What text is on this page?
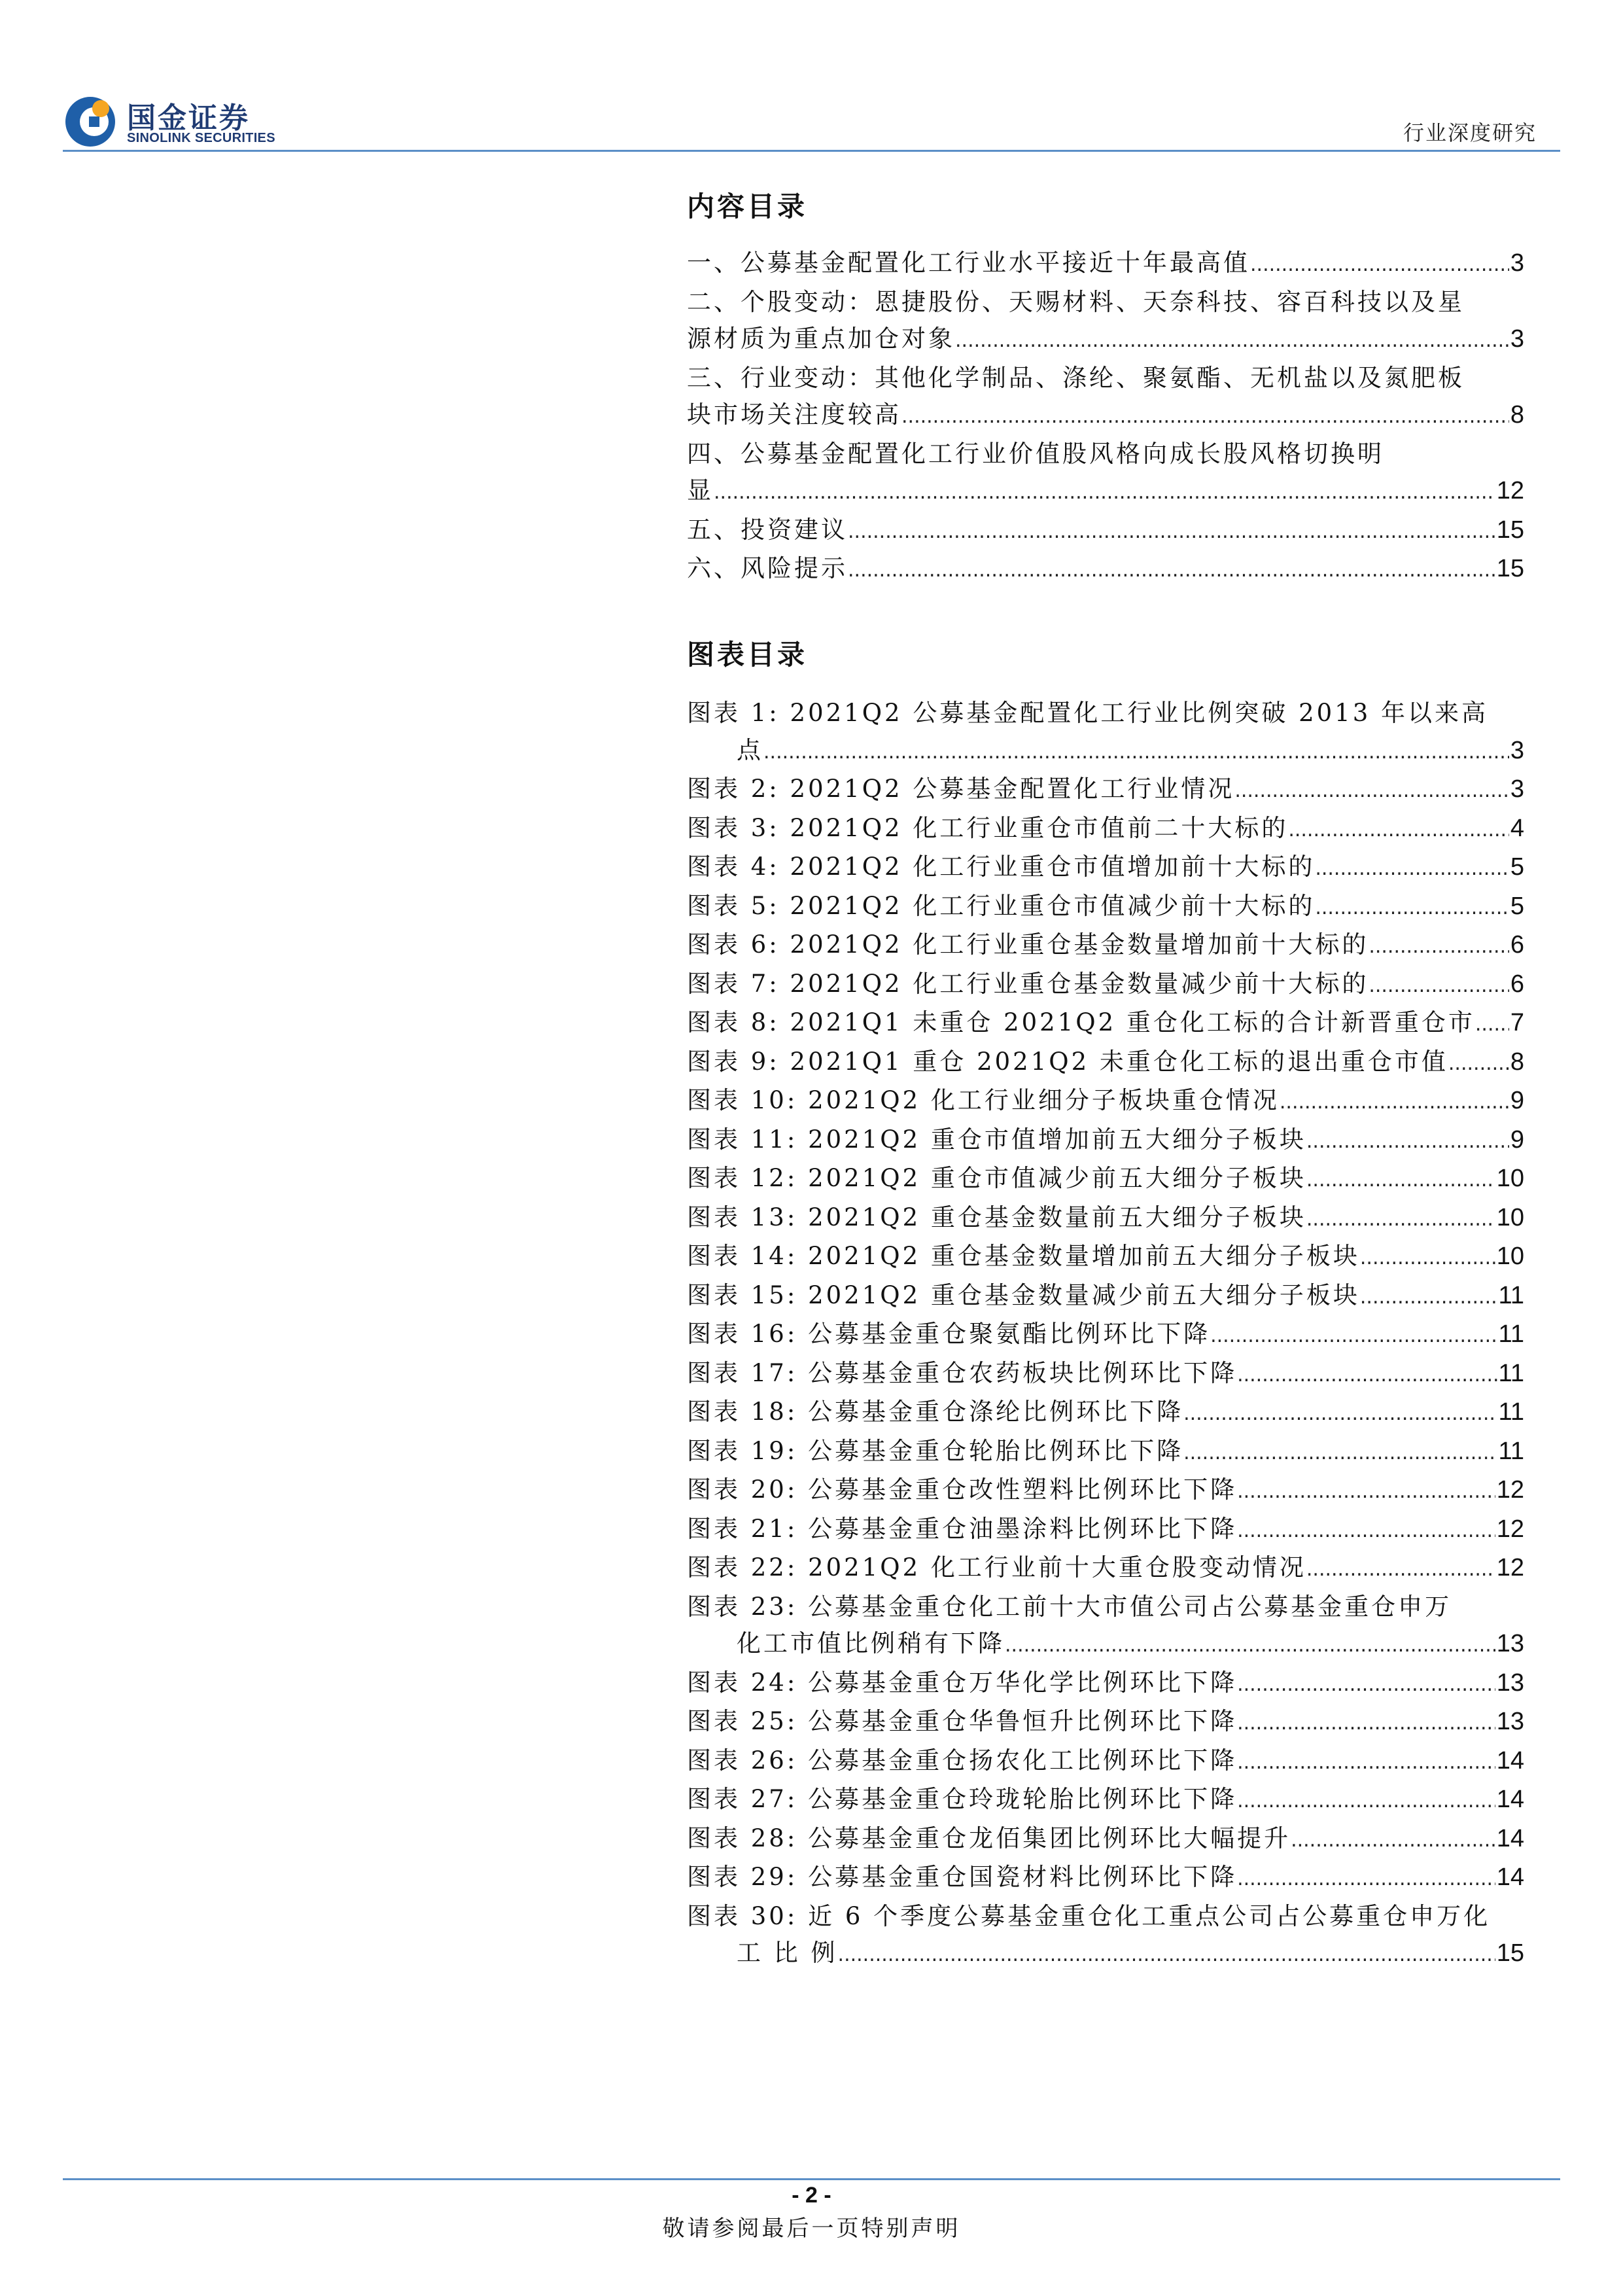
国金证券
SINOLINK SECURITIES	行业深度研究
内容目录
一、公募基金配置化工行业水平接近十年最高值 .....	3
二、个股变动：恩捷股份、天赐材料、天奈科技、容百科技以及星
源材质为重点加仓对象 .....	3
三、行业变动：其他化学制品、涤纶、聚氨酯、无机盐以及氮肥板
块市场关注度较高 .....	8
四、公募基金配置化工行业价值股风格向成长股风格切换明
显 .....	12
五、投资建议 .....	15
六、风险提示 .....	15
图表目录
图表 1: 2021Q2 公募基金配置化工行业比例突破 2013 年以来高
点 .....	3
图表 2: 2021Q2 公募基金配置化工行业情况 .....	3
图表 3: 2021Q2 化工行业重仓市值前二十大标的 .....	4
图表 4: 2021Q2 化工行业重仓市值增加前十大标的 .....	5
图表 5: 2021Q2 化工行业重仓市值减少前十大标的 .....	5
图表 6: 2021Q2 化工行业重仓基金数量增加前十大标的 .....	6
图表 7: 2021Q2 化工行业重仓基金数量减少前十大标的 .....	6
图表 8: 2021Q1 未重仓 2021Q2 重仓化工标的合计新晋重仓市 ..... 7
图表 9: 2021Q1 重仓 2021Q2 未重仓化工标的退出重仓市值 ..... 8
图表 10: 2021Q2 化工行业细分子板块重仓情况 .....	9
图表 11: 2021Q2 重仓市值增加前五大细分子板块 .....	9
图表 12: 2021Q2 重仓市值减少前五大细分子板块 .....	10
图表 13: 2021Q2 重仓基金数量前五大细分子板块 .....	10
图表 14: 2021Q2 重仓基金数量增加前五大细分子板块 .....	10
图表 15: 2021Q2 重仓基金数量减少前五大细分子板块 .....	11
图表 16: 公募基金重仓聚氨酯比例环比下降 .....	11
图表 17: 公募基金重仓农药板块比例环比下降 .....	11
图表 18: 公募基金重仓涤纶比例环比下降 .....	11
图表 19: 公募基金重仓轮胎比例环比下降 .....	11
图表 20: 公募基金重仓改性塑料比例环比下降 .....	12
图表 21: 公募基金重仓油墨涂料比例环比下降 .....	12
图表 22: 2021Q2 化工行业前十大重仓股变动情况 .....	12
图表 23: 公募基金重仓化工前十大市值公司占公募基金重仓申万
化工市值比例稍有下降 .....	13
图表 24: 公募基金重仓万华化学比例环比下降 .....	13
图表 25: 公募基金重仓华鲁恒升比例环比下降 .....	13
图表 26: 公募基金重仓扬农化工比例环比下降 .....	14
图表 27: 公募基金重仓玲珑轮胎比例环比下降 .....	14
图表 28: 公募基金重仓龙佰集团比例环比大幅提升 .....	14
图表 29: 公募基金重仓国瓷材料比例环比下降 .....	14
图表 30: 近 6 个季度公募基金重仓化工重点公司占公募重仓申万化
工 比 例 .....	15
- 2 -
敬请参阅最后一页特别声明
